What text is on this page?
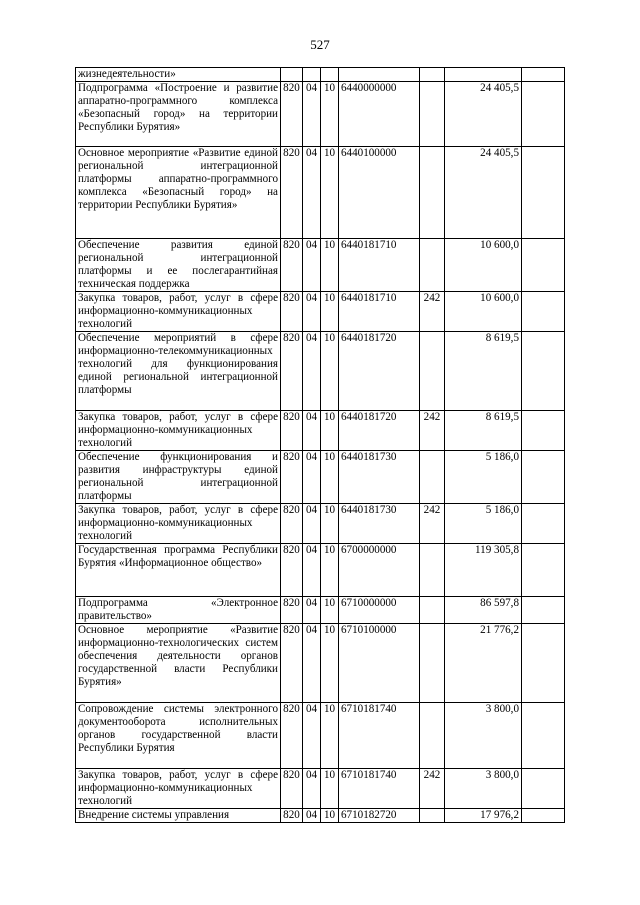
527
жизнедеятельности»							
Подпрограмма «Построение и развитие аппаратно-программного комплекса «Безопасный город» на территории Республики Бурятия»	820	04	10	6440000000		24 405,5	
Основное мероприятие «Развитие единой региональной интеграционной платформы аппаратно-программного комплекса «Безопасный город» на территории Республики Бурятия»	820	04	10	6440100000		24 405,5	
Обеспечение развития единой региональной интеграционной платформы и ее послегарантийная техническая поддержка	820	04	10	6440181710		10 600,0	
Закупка товаров, работ, услуг в сфере информационно-коммуникационных технологий	820	04	10	6440181710	242	10 600,0	
Обеспечение мероприятий в сфере информационно-телекоммуникационных технологий для функционирования единой региональной интеграционной платформы	820	04	10	6440181720		8 619,5	
Закупка товаров, работ, услуг в сфере информационно-коммуникационных технологий	820	04	10	6440181720	242	8 619,5	
Обеспечение функционирования и развития инфраструктуры единой региональной интеграционной платформы	820	04	10	6440181730		5 186,0	
Закупка товаров, работ, услуг в сфере информационно-коммуникационных технологий	820	04	10	6440181730	242	5 186,0	
Государственная программа Республики Бурятия «Информационное общество»	820	04	10	6700000000		119 305,8	
Подпрограмма «Электронное правительство»	820	04	10	6710000000		86 597,8	
Основное мероприятие «Развитие информационно-технологических систем обеспечения деятельности органов государственной власти Республики Бурятия»	820	04	10	6710100000		21 776,2	
Сопровождение системы электронного документооборота исполнительных органов государственной власти Республики Бурятия	820	04	10	6710181740		3 800,0	
Закупка товаров, работ, услуг в сфере информационно-коммуникационных технологий	820	04	10	6710181740	242	3 800,0	
Внедрение системы управления	820	04	10	6710182720		17 976,2	
